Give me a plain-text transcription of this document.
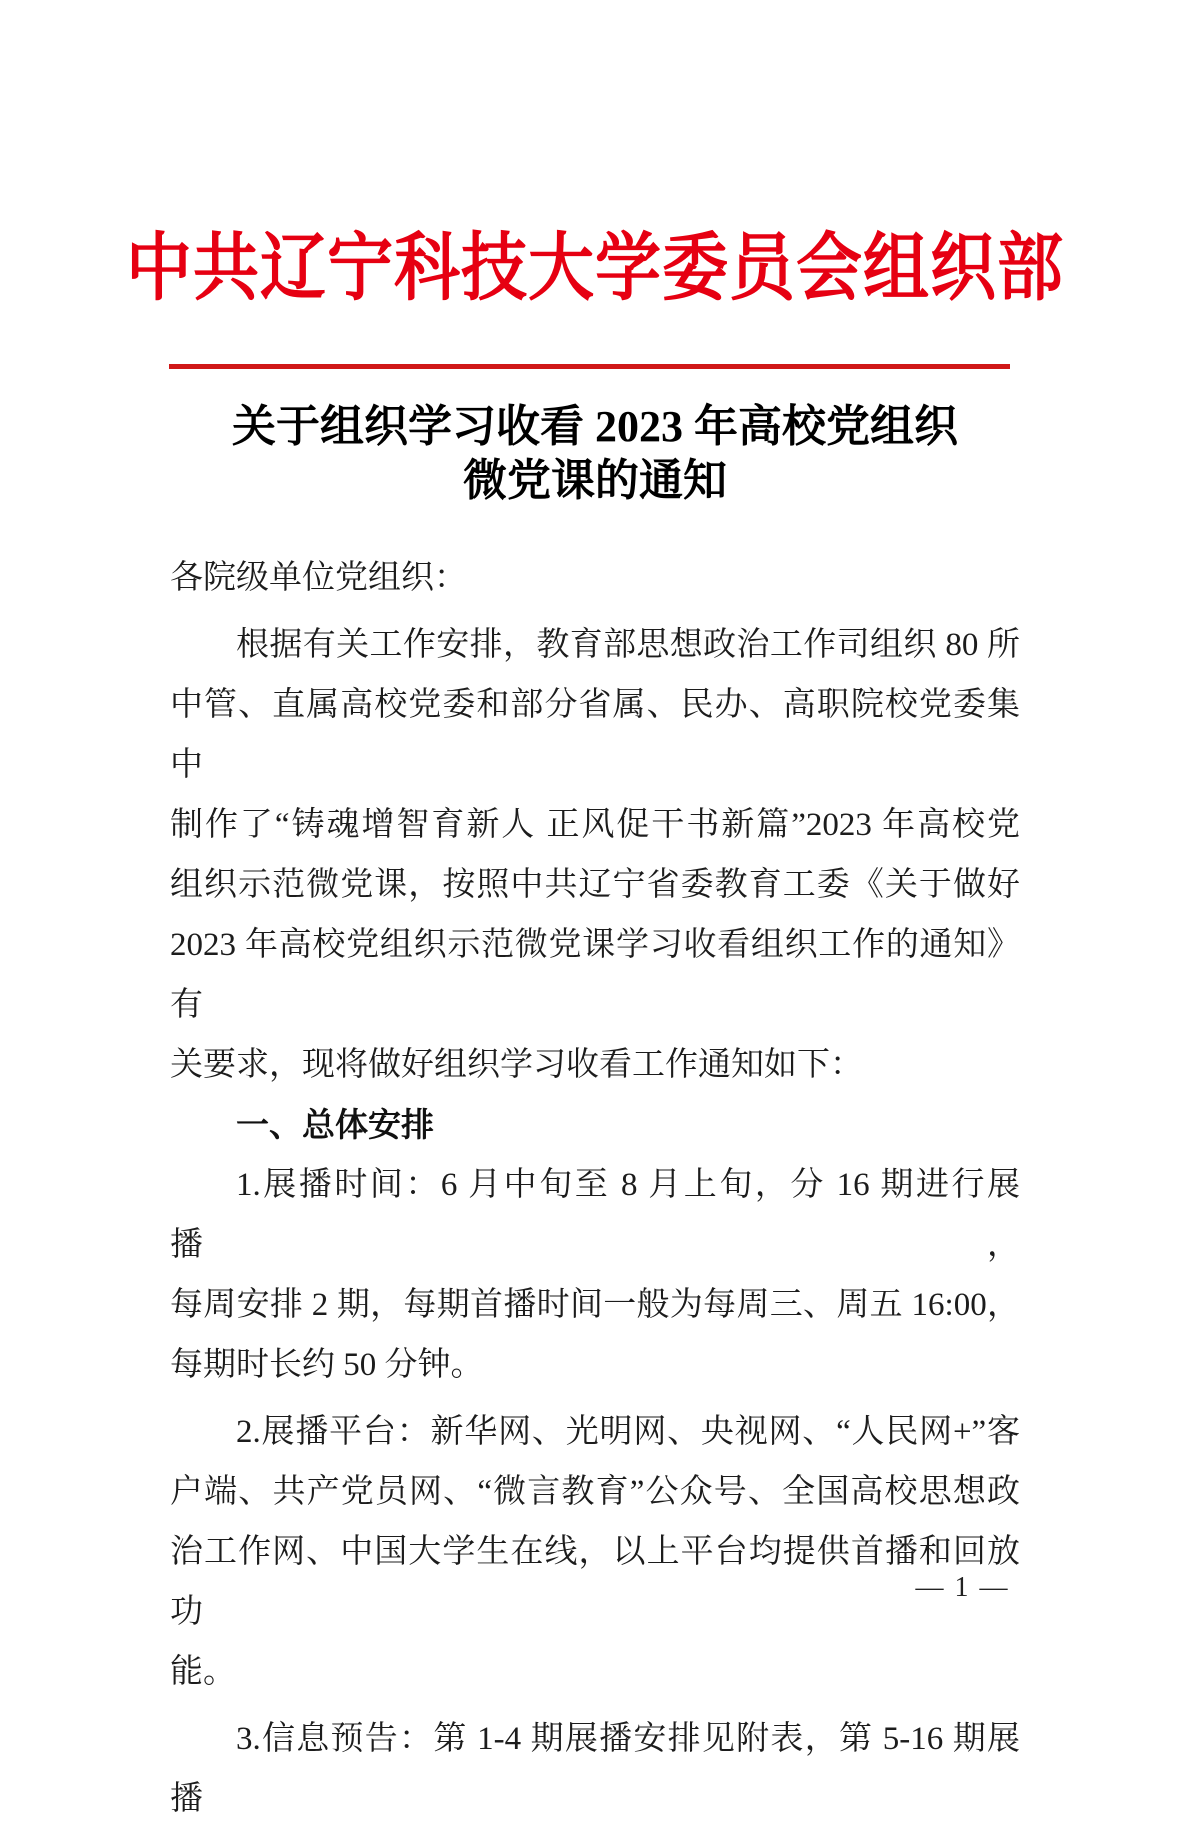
中共辽宁科技大学委员会组织部
关于组织学习收看 2023 年高校党组织
微党课的通知
各院级单位党组织：
根据有关工作安排，教育部思想政治工作司组织 80 所
中管、直属高校党委和部分省属、民办、高职院校党委集中
制作了“铸魂增智育新人 正风促干书新篇”2023 年高校党
组织示范微党课，按照中共辽宁省委教育工委《关于做好
2023 年高校党组织示范微党课学习收看组织工作的通知》有
关要求，现将做好组织学习收看工作通知如下：
一、总体安排
1.展播时间：6 月中旬至 8 月上旬，分 16 期进行展播，
每周安排 2 期，每期首播时间一般为每周三、周五 16:00，
每期时长约 50 分钟。
2.展播平台：新华网、光明网、央视网、“人民网+”客
户端、共产党员网、“微言教育”公众号、全国高校思想政
治工作网、中国大学生在线，以上平台均提供首播和回放功
能。
3.信息预告：第 1-4 期展播安排见附表，第 5-16 期展播
— 1 —
